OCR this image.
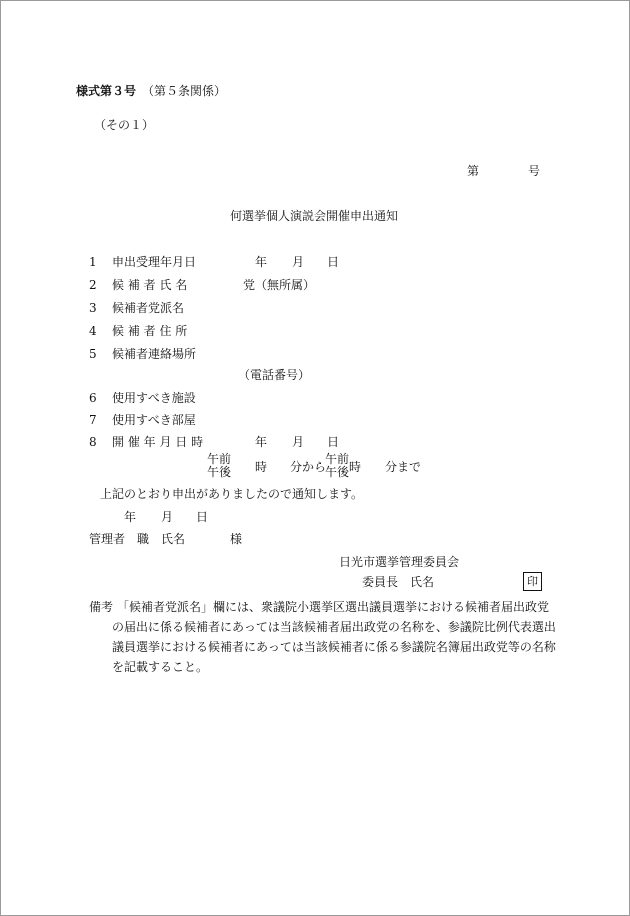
様式第３号 （第５条関係）
（その１）
第	号
何選挙個人演説会開催申出通知
1 申出受理年月日	年 月 日
2 候 補 者 氏 名	党（無所属）
3 候補者党派名
4 候 補 者 住 所
5 候補者連絡場所
（電話番号）
6 使用すべき施設
7 使用すべき部屋
8 開 催 年 月 日 時	年 月 日
午前
午後 時 分から
午前
午後 時 分まで
上記のとおり申出がありましたので通知します。
年 月 日
管理者　職　氏名	様
日光市選挙管理委員会
委員長　氏名	印
備考 「候補者党派名」欄には、衆議院小選挙区選出議員選挙における候補者届出政党
の届出に係る候補者にあっては当該候補者届出政党の名称を、参議院比例代表選出
議員選挙における候補者にあっては当該候補者に係る参議院名簿届出政党等の名称
を記載すること。
